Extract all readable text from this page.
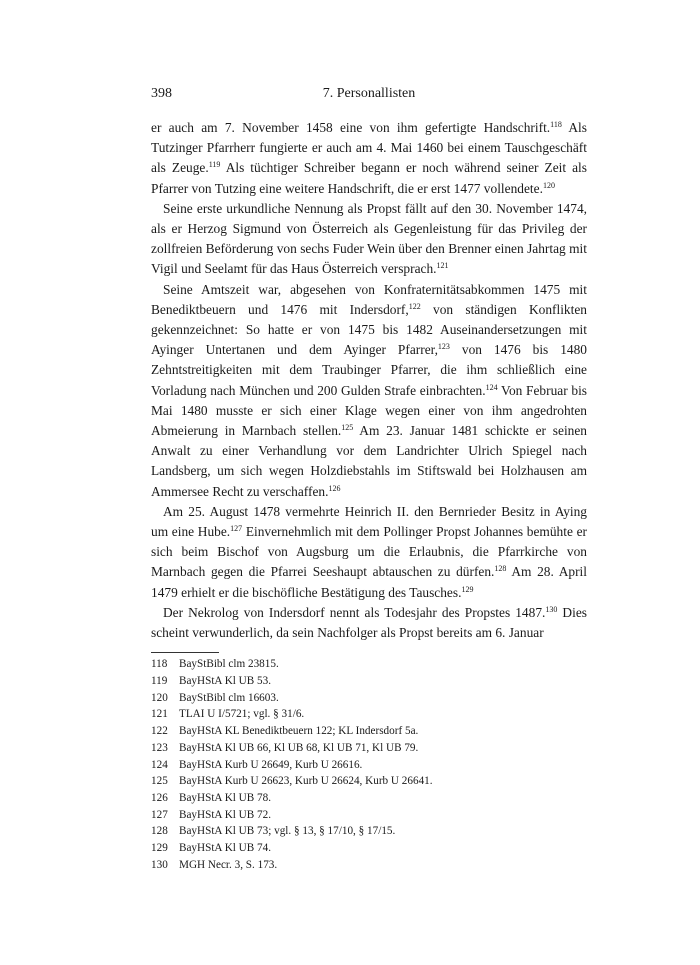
398	7. Personallisten

er auch am 7. November 1458 eine von ihm gefertigte Handschrift.$^{118}$ Als Tutzinger Pfarrherr fungierte er auch am 4. Mai 1460 bei einem Tauschgeschäft als Zeuge.$^{119}$ Als tüchtiger Schreiber begann er noch während seiner Zeit als Pfarrer von Tutzing eine weitere Handschrift, die er erst 1477 vollendete.$^{120}$

Seine erste urkundliche Nennung als Propst fällt auf den 30. November 1474, als er Herzog Sigmund von Österreich als Gegenleistung für das Privileg der zollfreien Beförderung von sechs Fuder Wein über den Brenner einen Jahrtag mit Vigil und Seelamt für das Haus Österreich versprach.$^{121}$

Seine Amtszeit war, abgesehen von Konfraternitätsabkommen 1475 mit Benediktbeuern und 1476 mit Indersdorf,$^{122}$ von ständigen Konflikten gekennzeichnet: So hatte er von 1475 bis 1482 Auseinandersetzungen mit Ayinger Untertanen und dem Ayinger Pfarrer,$^{123}$ von 1476 bis 1480 Zehntstreitigkeiten mit dem Traubinger Pfarrer, die ihm schließlich eine Vorladung nach München und 200 Gulden Strafe einbrachten.$^{124}$ Von Februar bis Mai 1480 musste er sich einer Klage wegen einer von ihm angedrohten Abmeierung in Marnbach stellen.$^{125}$ Am 23. Januar 1481 schickte er seinen Anwalt zu einer Verhandlung vor dem Landrichter Ulrich Spiegel nach Landsberg, um sich wegen Holzdiebstahls im Stiftswald bei Holzhausen am Ammersee Recht zu verschaffen.$^{126}$

Am 25. August 1478 vermehrte Heinrich II. den Bernrieder Besitz in Aying um eine Hube.$^{127}$ Einvernehmlich mit dem Pollinger Propst Johannes bemühte er sich beim Bischof von Augsburg um die Erlaubnis, die Pfarrkirche von Marnbach gegen die Pfarrei Seeshaupt abtauschen zu dürfen.$^{128}$ Am 28. April 1479 erhielt er die bischöfliche Bestätigung des Tausches.$^{129}$

Der Nekrolog von Indersdorf nennt als Todesjahr des Propstes 1487.$^{130}$ Dies scheint verwunderlich, da sein Nachfolger als Propst bereits am 6. Januar

118	BayStBibl clm 23815.
119	BayHStA Kl UB 53.
120	BayStBibl clm 16603.
121	TLAI U I/5721; vgl. § 31/6.
122	BayHStA KL Benediktbeuern 122; KL Indersdorf 5a.
123	BayHStA Kl UB 66, Kl UB 68, Kl UB 71, Kl UB 79.
124	BayHStA Kurb U 26649, Kurb U 26616.
125	BayHStA Kurb U 26623, Kurb U 26624, Kurb U 26641.
126	BayHStA Kl UB 78.
127	BayHStA Kl UB 72.
128	BayHStA Kl UB 73; vgl. § 13, § 17/10, § 17/15.
129	BayHStA Kl UB 74.
130	MGH Necr. 3, S. 173.
